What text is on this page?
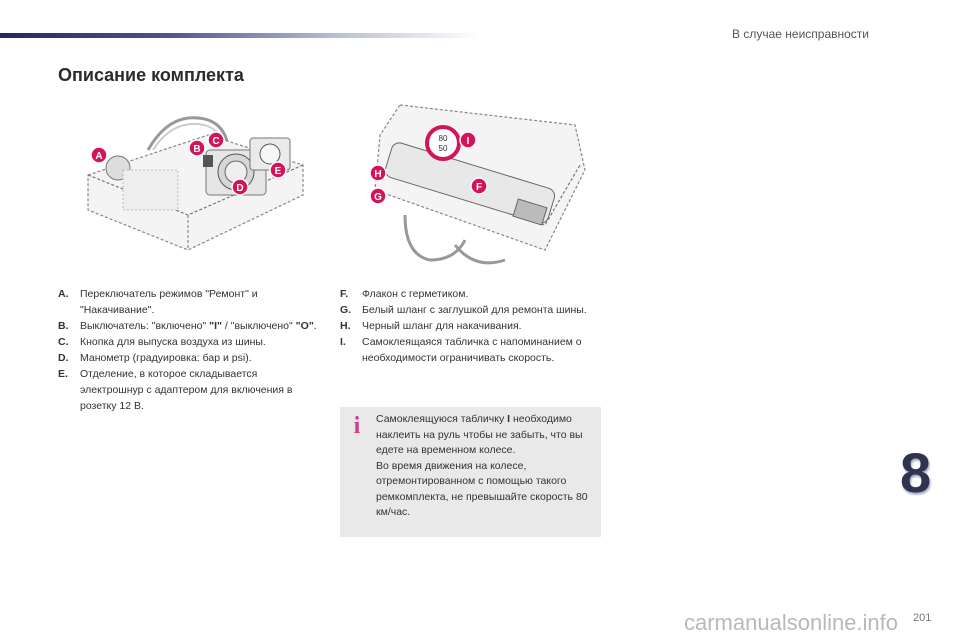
В случае неисправности
Описание комплекта
A
B
C
D
E
80
50
I
H
F
G
A.	Переключатель режимов "Ремонт" и "Накачивание".
B.	Выключатель: "включено" "I" / "выключено" "O".
C.	Кнопка для выпуска воздуха из шины.
D.	Манометр (градуировка: бар и psi).
E.	Отделение, в которое складывается электрошнур с адаптером для включения в розетку 12 В.
F.	Флакон с герметиком.
G.	Белый шланг с заглушкой для ремонта шины.
H.	Черный шланг для накачивания.
I.	Самоклеящаяся табличка с напоминанием о необходимости ограничивать скорость.
i Самоклеящуюся табличку I необходимо наклеить на руль чтобы не забыть, что вы едете на временном колесе.

Во время движения на колесе, отремонтированном с помощью такого ремкомплекта, не превышайте скорость 80 км/час.

8
carmanualsonline.info 201
